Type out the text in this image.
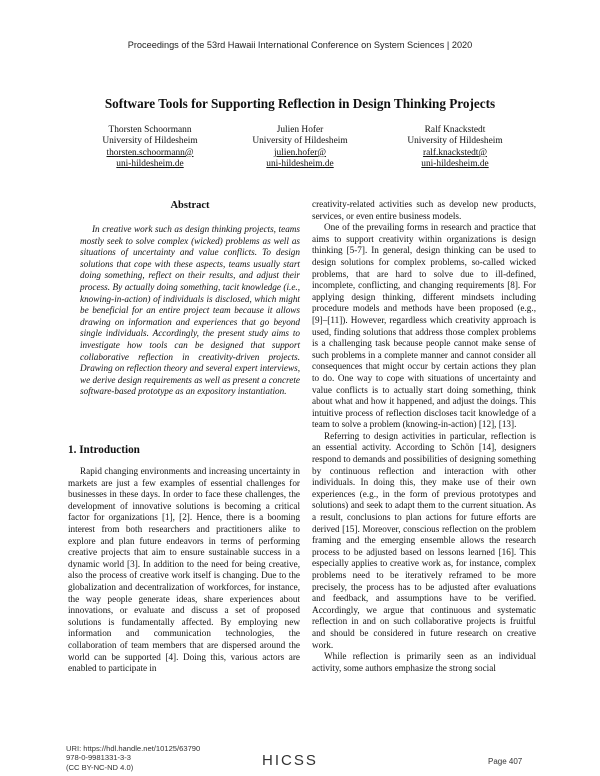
Proceedings of the 53rd Hawaii International Conference on System Sciences | 2020
Software Tools for Supporting Reflection in Design Thinking Projects
Thorsten Schoormann
University of Hildesheim
thorsten.schoormann@
uni-hildesheim.de
Julien Hofer
University of Hildesheim
julien.hofer@
uni-hildesheim.de
Ralf Knackstedt
University of Hildesheim
ralf.knackstedt@
uni-hildesheim.de
Abstract

In creative work such as design thinking projects, teams mostly seek to solve complex (wicked) problems as well as situations of uncertainty and value conflicts. To design solutions that cope with these aspects, teams usually start doing something, reflect on their results, and adjust their process. By actually doing something, tacit knowledge (i.e., knowing-in-action) of individuals is disclosed, which might be beneficial for an entire project team because it allows drawing on information and experiences that go beyond single individuals. Accordingly, the present study aims to investigate how tools can be designed that support collaborative reflection in creativity-driven projects. Drawing on reflection theory and several expert interviews, we derive design requirements as well as present a concrete software-based prototype as an expository instantiation.

1. Introduction

Rapid changing environments and increasing uncertainty in markets are just a few examples of essential challenges for businesses in these days. In order to face these challenges, the development of innovative solutions is becoming a critical factor for organizations [1], [2]. Hence, there is a booming interest from both researchers and practitioners alike to explore and plan future endeavors in terms of performing creative projects that aim to ensure sustainable success in a dynamic world [3]. In addition to the need for being creative, also the process of creative work itself is changing. Due to the globalization and decentralization of workforces, for instance, the way people generate ideas, share experiences about innovations, or evaluate and discuss a set of proposed solutions is fundamentally affected. By employing new information and communication technologies, the collaboration of team members that are dispersed around the world can be supported [4]. Doing this, various actors are enabled to participate in

creativity-related activities such as develop new products, services, or even entire business models.

One of the prevailing forms in research and practice that aims to support creativity within organizations is design thinking [5-7]. In general, design thinking can be used to design solutions for complex problems, so-called wicked problems, that are hard to solve due to ill-defined, incomplete, conflicting, and changing requirements [8]. For applying design thinking, different mindsets including procedure models and methods have been proposed (e.g., [9]–[11]). However, regardless which creativity approach is used, finding solutions that address those complex problems is a challenging task because people cannot make sense of such problems in a complete manner and cannot consider all consequences that might occur by certain actions they plan to do. One way to cope with situations of uncertainty and value conflicts is to actually start doing something, think about what and how it happened, and adjust the doings. This intuitive process of reflection discloses tacit knowledge of a team to solve a problem (knowing-in-action) [12], [13].

Referring to design activities in particular, reflection is an essential activity. According to Schön [14], designers respond to demands and possibilities of designing something by continuous reflection and interaction with other individuals. In doing this, they make use of their own experiences (e.g., in the form of previous prototypes and solutions) and seek to adapt them to the current situation. As a result, conclusions to plan actions for future efforts are derived [15]. Moreover, conscious reflection on the problem framing and the emerging ensemble allows the research process to be adjusted based on lessons learned [16]. This especially applies to creative work as, for instance, complex problems need to be iteratively reframed to be more precisely, the process has to be adjusted after evaluations and feedback, and assumptions have to be verified. Accordingly, we argue that continuous and systematic reflection in and on such collaborative projects is fruitful and should be considered in future research on creative work.

While reflection is primarily seen as an individual activity, some authors emphasize the strong social

URI: https://hdl.handle.net/10125/63790
978-0-9981331-3-3
(CC BY-NC-ND 4.0)	HICSS	Page 407
